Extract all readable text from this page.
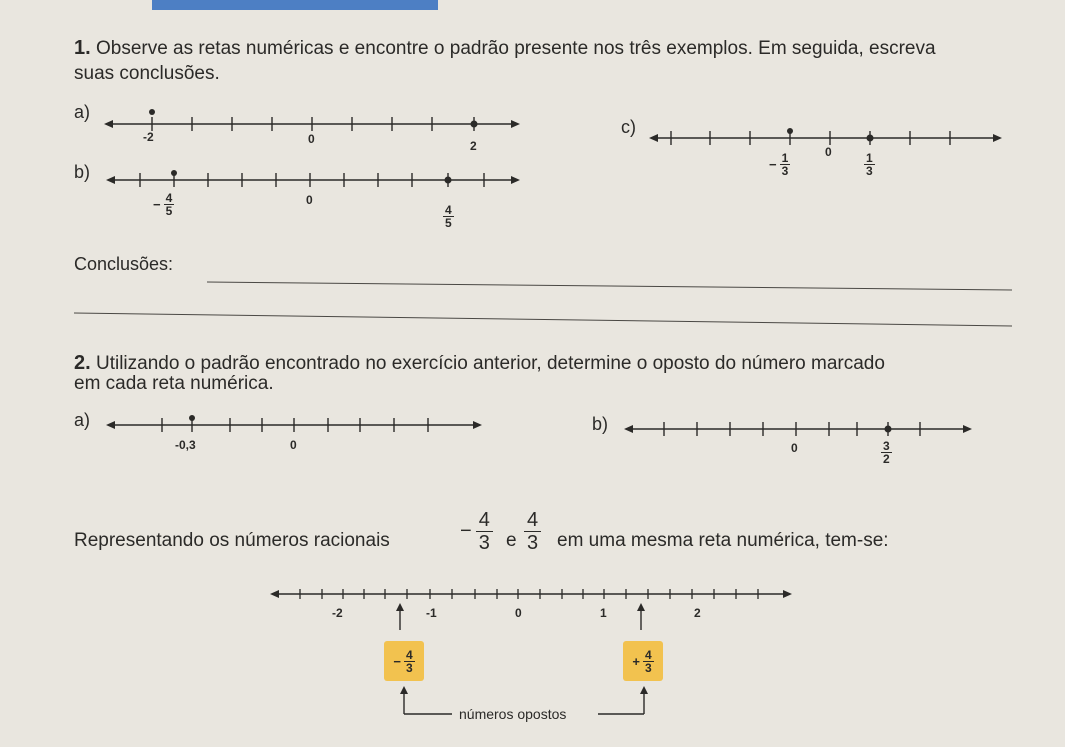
1. Observe as retas numéricas e encontre o padrão presente nos três exemplos. Em seguida, escreva
suas conclusões.
a)
-2	0	2
b)
− $\frac{4}{5}$	0
$\frac{4}{5}$
c)
− $\frac{1}{3}$	0	$\frac{1}{3}$
Conclusões:
2. Utilizando o padrão encontrado no exercício anterior, determine o oposto do número marcado
em cada reta numérica.
a)
-0,3	0
b)
0	$\frac{3}{2}$
Representando os números racionais	− $\frac{4}{3}$ e $\frac{4}{3}$ em uma mesma reta numérica, tem-se:
-2	-1	0	1	2
− $\frac{4}{3}$	+ $\frac{4}{3}$
números opostos
